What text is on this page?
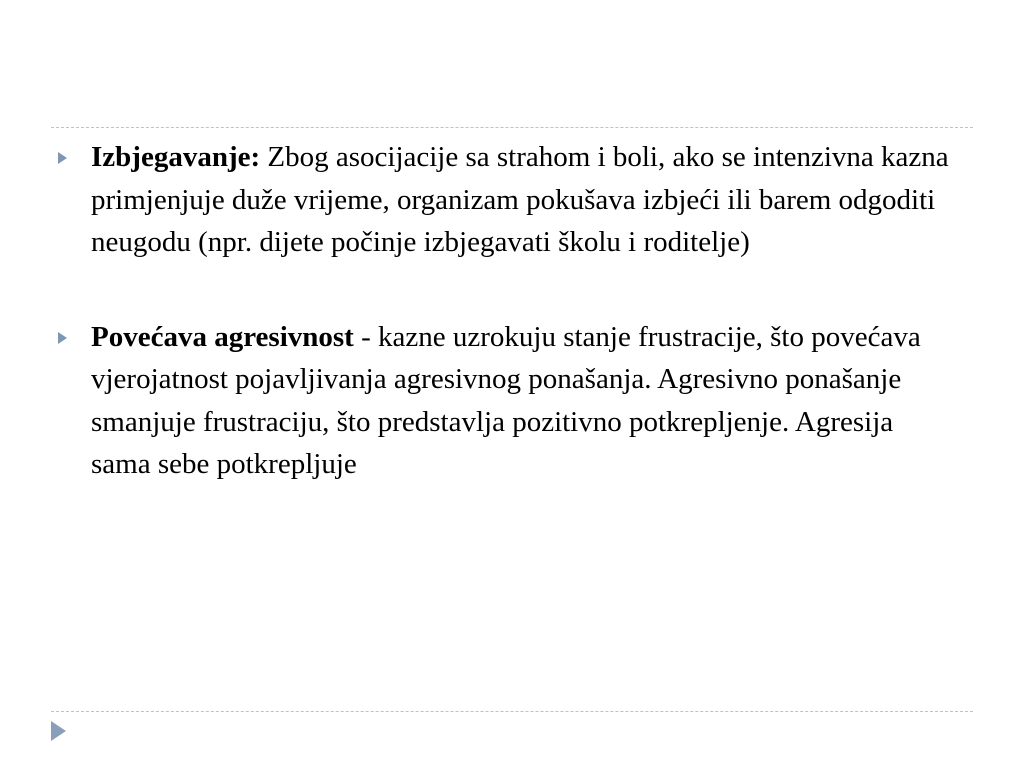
Izbjegavanje: Zbog asocijacije sa strahom i boli, ako se intenzivna kazna primjenjuje duže vrijeme, organizam pokušava izbjeći ili barem odgoditi neugodu (npr. dijete počinje izbjegavati školu i roditelje)
Povećava agresivnost - kazne uzrokuju stanje frustracije, što povećava vjerojatnost pojavljivanja agresivnog ponašanja. Agresivno ponašanje smanjuje frustraciju, što predstavlja pozitivno potkrepljenje. Agresija sama sebe potkrepljuje
